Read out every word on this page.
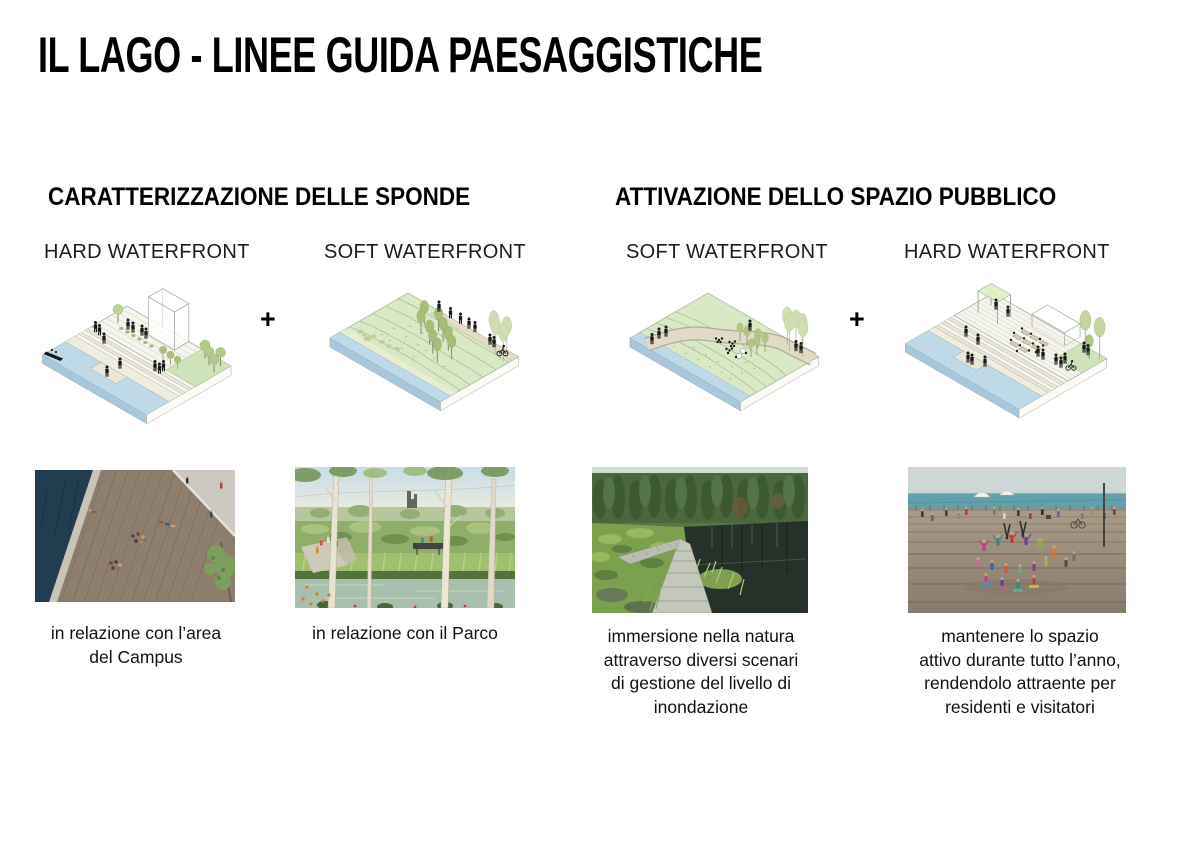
IL LAGO - LINEE GUIDA PAESAGGISTICHE
CARATTERIZZAZIONE DELLE SPONDE	ATTIVAZIONE DELLO SPAZIO PUBBLICO
HARD WATERFRONT	SOFT WATERFRONT	SOFT WATERFRONT	HARD WATERFRONT
+	+
in relazione con l’area
del Campus
in relazione con il Parco	immersione nella natura
attraverso diversi scenari
di gestione del livello di
inondazione
mantenere lo spazio
attivo durante tutto l’anno,
rendendolo attraente per
residenti e visitatori
